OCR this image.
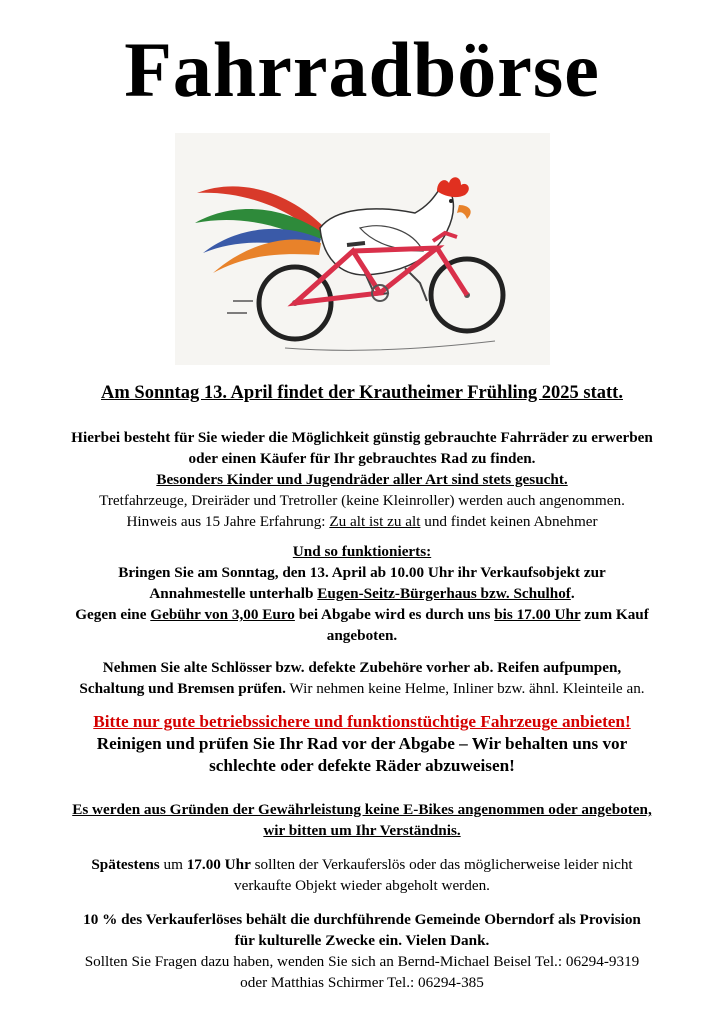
Fahrradbörse
Am Sonntag 13. April findet der Krautheimer Frühling 2025 statt.
Hierbei besteht für Sie wieder die Möglichkeit günstig gebrauchte Fahrräder zu erwerben
oder einen Käufer für Ihr gebrauchtes Rad zu finden.
Besonders Kinder und Jugendräder aller Art sind stets gesucht.
Tretfahrzeuge, Dreiräder und Tretroller (keine Kleinroller) werden auch angenommen.
Hinweis aus 15 Jahre Erfahrung: Zu alt ist zu alt und findet keinen Abnehmer
Und so funktionierts:
Bringen Sie am Sonntag, den 13. April ab 10.00 Uhr ihr Verkaufsobjekt zur
Annahmestelle unterhalb Eugen-Seitz-Bürgerhaus bzw. Schulhof.
Gegen eine Gebühr von 3,00 Euro bei Abgabe wird es durch uns bis 17.00 Uhr zum Kauf
angeboten.
Nehmen Sie alte Schlösser bzw. defekte Zubehöre vorher ab. Reifen aufpumpen,
Schaltung und Bremsen prüfen. Wir nehmen keine Helme, Inliner bzw. ähnl. Kleinteile an.
Bitte nur gute betriebssichere und funktionstüchtige Fahrzeuge anbieten!
Reinigen und prüfen Sie Ihr Rad vor der Abgabe – Wir behalten uns vor
schlechte oder defekte Räder abzuweisen!
Es werden aus Gründen der Gewährleistung keine E-Bikes angenommen oder angeboten,
wir bitten um Ihr Verständnis.
Spätestens um 17.00 Uhr sollten der Verkauferslös oder das möglicherweise leider nicht
verkaufte Objekt wieder abgeholt werden.
10 % des Verkauferlöses behält die durchführende Gemeinde Oberndorf als Provision
für kulturelle Zwecke ein. Vielen Dank.
Sollten Sie Fragen dazu haben, wenden Sie sich an Bernd-Michael Beisel Tel.: 06294-9319
oder Matthias Schirmer Tel.: 06294-385
